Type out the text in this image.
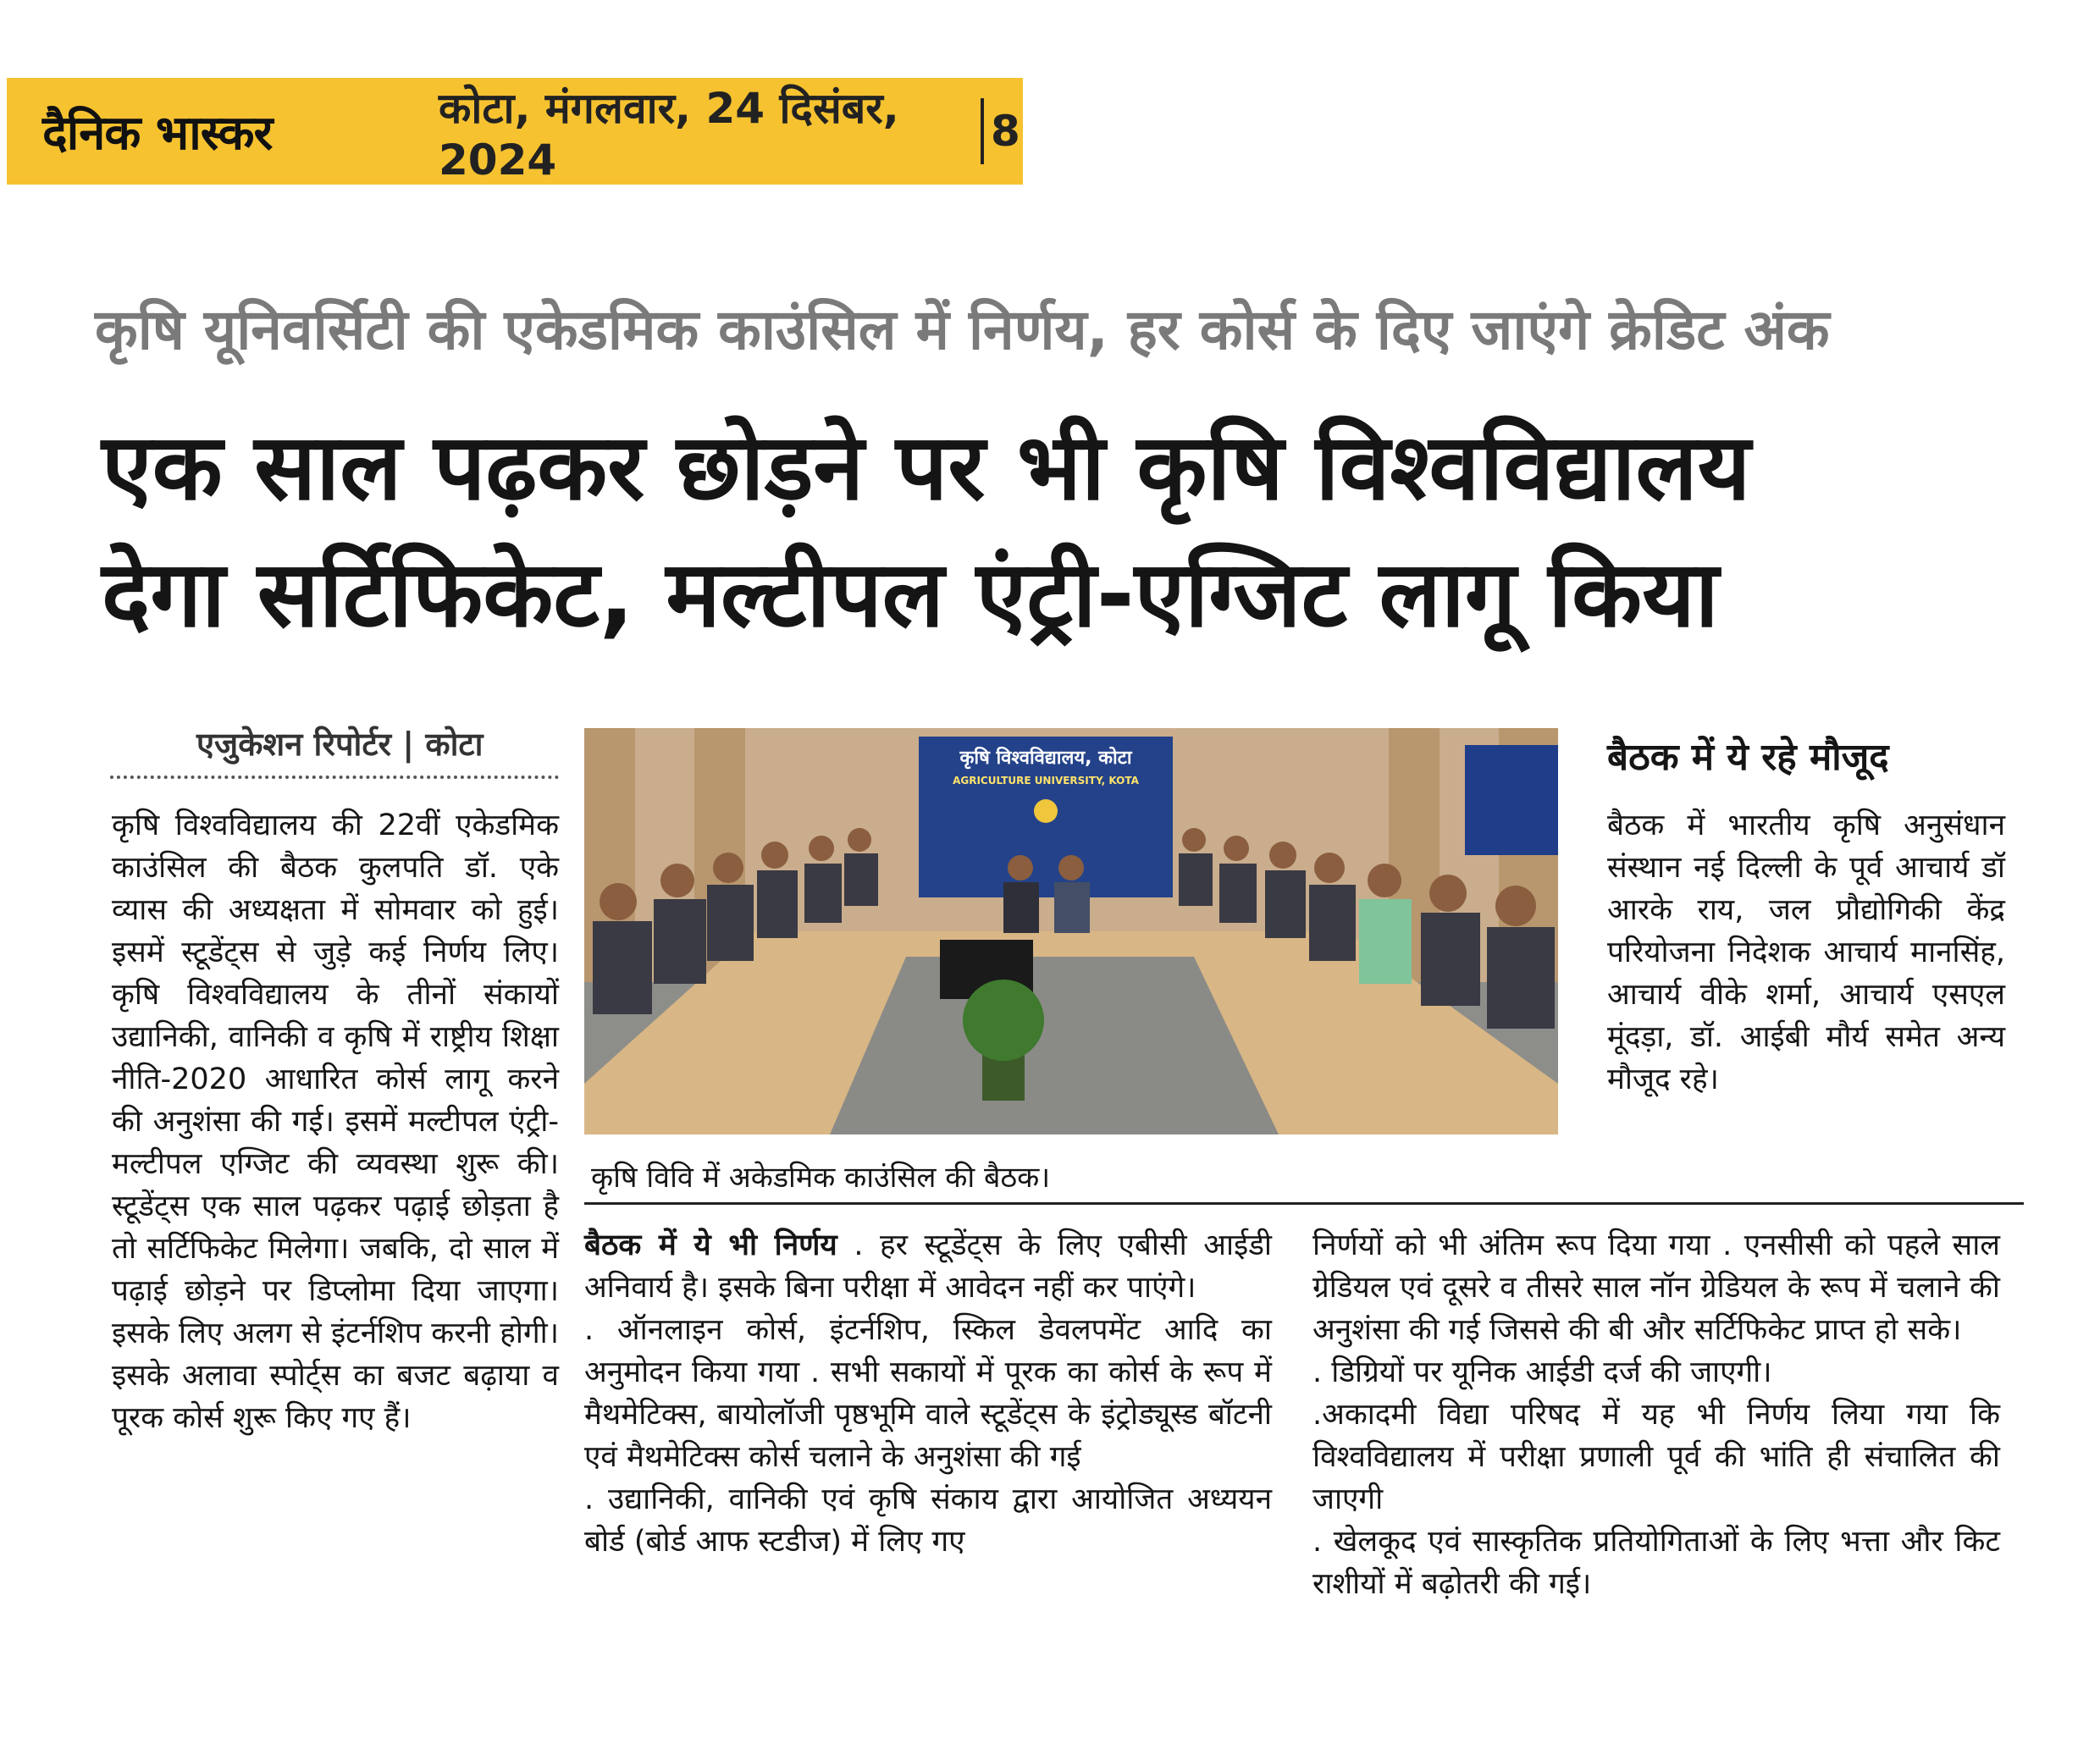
दैनिक भास्कर	कोटा, मंगलवार, 24 दिसंबर, 2024
8
कृषि यूनिवर्सिटी की एकेडमिक काउंसिल में निर्णय, हर कोर्स के दिए जाएंगे क्रेडिट अंक
एक साल पढ़कर छोड़ने पर भी कृषि विश्वविद्यालय
देगा सर्टिफिकेट, मल्टीपल एंट्री-एग्जिट लागू किया
एजुकेशन रिपोर्टर | कोटा

कृषि विश्वविद्यालय की 22वीं एकेडमिक काउंसिल की बैठक कुलपति डॉ. एके व्यास की अध्यक्षता में सोमवार को हुई। इसमें स्टूडेंट्स से जुड़े कई निर्णय लिए। कृषि विश्वविद्यालय के तीनों संकायों उद्यानिकी, वानिकी व कृषि में राष्ट्रीय शिक्षा नीति-2020 आधारित कोर्स लागू करने की अनुशंसा की गई। इसमें मल्टीपल एंट्री-मल्टीपल एग्जिट की व्यवस्था शुरू की। स्टूडेंट्स एक साल पढ़कर पढ़ाई छोड़ता है तो सर्टिफिकेट मिलेगा। जबकि, दो साल में पढ़ाई छोड़ने पर डिप्लोमा दिया जाएगा। इसके लिए अलग से इंटर्नशिप करनी होगी। इसके अलावा स्पोर्ट्स का बजट बढ़ाया व पूरक कोर्स शुरू किए गए हैं।

कृषि विश्वविद्यालय, कोटा
AGRICULTURE UNIVERSITY, KOTA
कृषि विवि में अकेडमिक काउंसिल की बैठक।
बैठक में ये रहे मौजूद

बैठक में भारतीय कृषि अनुसंधान संस्थान नई दिल्ली के पूर्व आचार्य डॉ आरके राय, जल प्रौद्योगिकी केंद्र परियोजना निदेशक आचार्य मानसिंह, आचार्य वीके शर्मा, आचार्य एसएल मूंदड़ा, डॉ. आईबी मौर्य समेत अन्य मौजूद रहे।

बैठक में ये भी निर्णय . हर स्टूडेंट्स के लिए एबीसी आईडी अनिवार्य है। इसके बिना परीक्षा में आवेदन नहीं कर पाएंगे।

. ऑनलाइन कोर्स, इंटर्नशिप, स्किल डेवलपमेंट आदि का अनुमोदन किया गया . सभी सकायों में पूरक का कोर्स के रूप में मैथमेटिक्स, बायोलॉजी पृष्ठभूमि वाले स्टूडेंट्स के इंट्रोड्यूस्ड बॉटनी एवं मैथमेटिक्स कोर्स चलाने के अनुशंसा की गई

. उद्यानिकी, वानिकी एवं कृषि संकाय द्वारा आयोजित अध्ययन बोर्ड (बोर्ड आफ स्टडीज) में लिए गए

निर्णयों को भी अंतिम रूप दिया गया . एनसीसी को पहले साल ग्रेडियल एवं दूसरे व तीसरे साल नॉन ग्रेडियल के रूप में चलाने की अनुशंसा की गई जिससे की बी और सर्टिफिकेट प्राप्त हो सके।

. डिग्रियों पर यूनिक आईडी दर्ज की जाएगी।

.अकादमी विद्या परिषद में यह भी निर्णय लिया गया कि विश्वविद्यालय में परीक्षा प्रणाली पूर्व की भांति ही संचालित की जाएगी

. खेलकूद एवं सास्कृतिक प्रतियोगिताओं के लिए भत्ता और किट राशीयों में बढ़ोतरी की गई।
